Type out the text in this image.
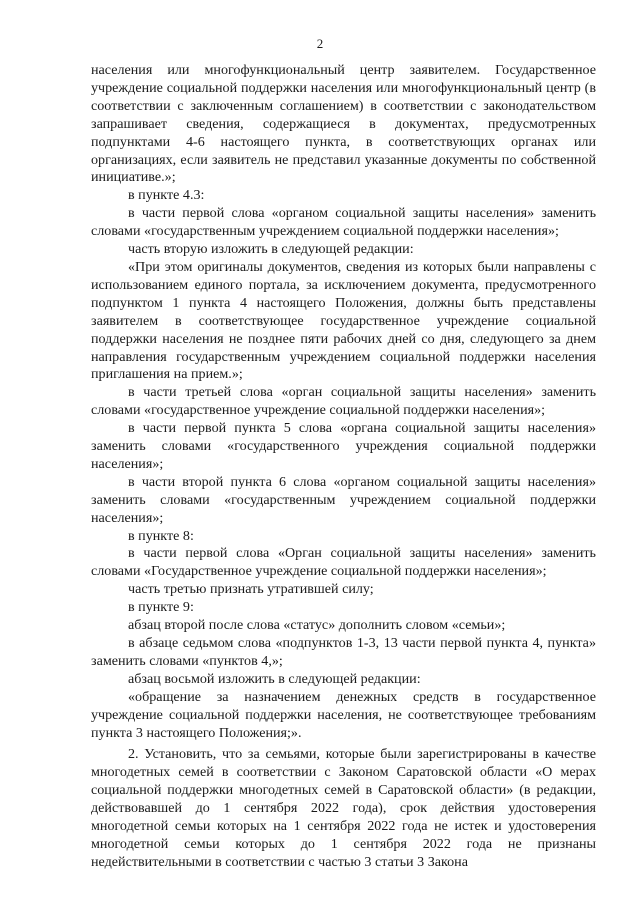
2

населения или многофункциональный центр заявителем. Государственное учреждение социальной поддержки населения или многофункциональный центр (в соответствии с заключенным соглашением) в соответствии с законодательством запрашивает сведения, содержащиеся в документах, предусмотренных подпунктами 4-6 настоящего пункта, в соответствующих органах или организациях, если заявитель не представил указанные документы по собственной инициативе.»;

в пункте 4.3:

в части первой слова «органом социальной защиты населения» заменить словами «государственным учреждением социальной поддержки населения»;

часть вторую изложить в следующей редакции:

«При этом оригиналы документов, сведения из которых были направлены с использованием единого портала, за исключением документа, предусмотренного подпунктом 1 пункта 4 настоящего Положения, должны быть представлены заявителем в соответствующее государственное учреждение социальной поддержки населения не позднее пяти рабочих дней со дня, следующего за днем направления государственным учреждением социальной поддержки населения приглашения на прием.»;

в части третьей слова «орган социальной защиты населения» заменить словами «государственное учреждение социальной поддержки населения»;

в части первой пункта 5 слова «органа социальной защиты населения» заменить словами «государственного учреждения социальной поддержки населения»;

в части второй пункта 6 слова «органом социальной защиты населения» заменить словами «государственным учреждением социальной поддержки населения»;

в пункте 8:

в части первой слова «Орган социальной защиты населения» заменить словами «Государственное учреждение социальной поддержки населения»;

часть третью признать утратившей силу;

в пункте 9:

абзац второй после слова «статус» дополнить словом «семьи»;

в абзаце седьмом слова «подпунктов 1-3, 13 части первой пункта 4, пункта» заменить словами «пунктов 4,»;

абзац восьмой изложить в следующей редакции:

«обращение за назначением денежных средств в государственное учреждение социальной поддержки населения, не соответствующее требованиям пункта 3 настоящего Положения;».

2. Установить, что за семьями, которые были зарегистрированы в качестве многодетных семей в соответствии с Законом Саратовской области «О мерах социальной поддержки многодетных семей в Саратовской области» (в редакции, действовавшей до 1 сентября 2022 года), срок действия удостоверения многодетной семьи которых на 1 сентября 2022 года не истек и удостоверения многодетной семьи которых до 1 сентября 2022 года не признаны недействительными в соответствии с частью 3 статьи 3 Закона
